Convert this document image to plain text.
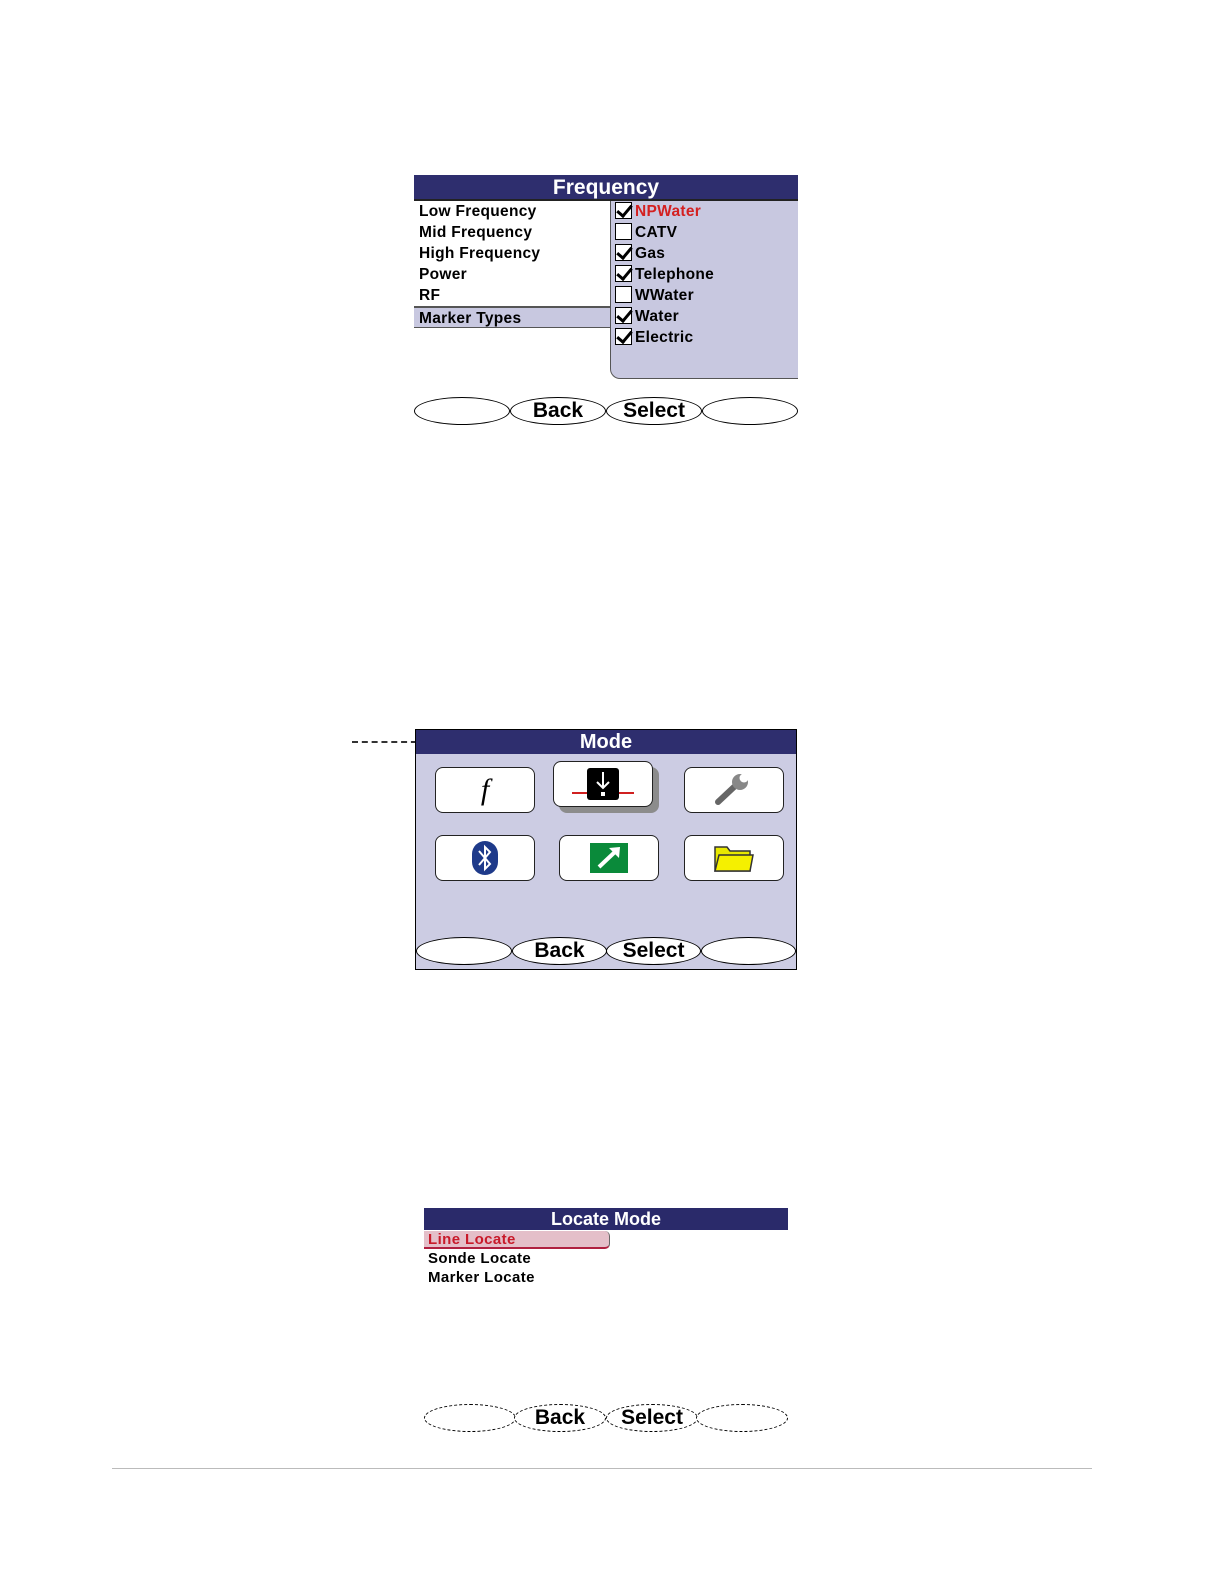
Frequency
Low Frequency
Mid Frequency
High Frequency
Power
RF
Marker Types
NPWater
CATV
Gas
Telephone
WWater
Water
Electric
Back	Select
Mode
f
Back	Select
Locate Mode
Line Locate
Sonde Locate
Marker Locate
Back	Select
